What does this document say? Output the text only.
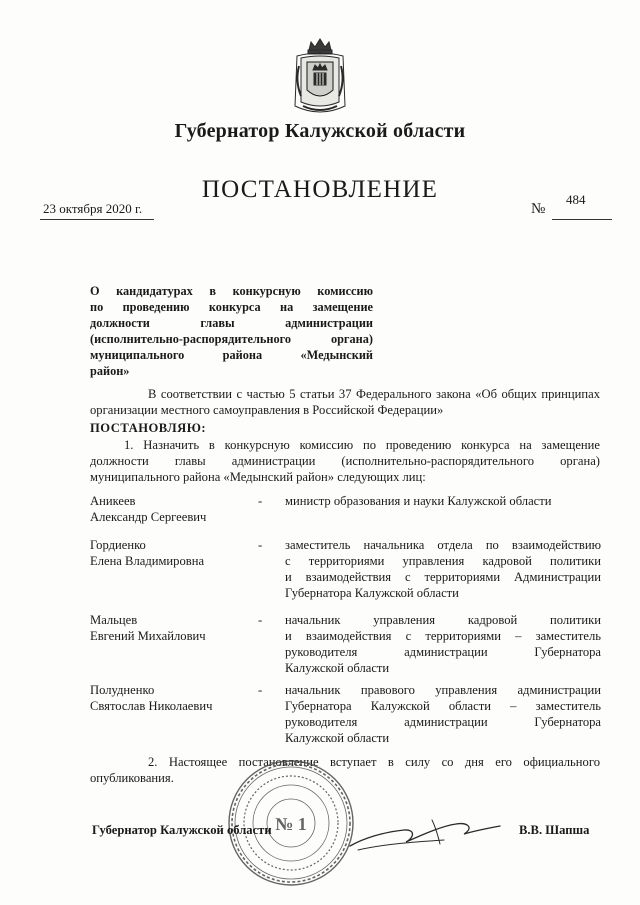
Губернатор Калужской области
ПОСТАНОВЛЕНИЕ
23 октября 2020 г.	№
484
О кандидатурах в конкурсную комиссию
по проведению конкурса на замещение
должности главы администрации
(исполнительно-распорядительного органа)
муниципального района «Медынский
район»
В соответствии с частью 5 статьи 37 Федерального закона «Об общих принципах организации местного самоуправления в Российской Федерации»
ПОСТАНОВЛЯЮ:
1. Назначить в конкурсную комиссию по проведению конкурса на замещение должности главы администрации (исполнительно-распорядительного органа) муниципального района «Медынский район» следующих лиц:
Аникеев
Александр Сергеевич
- министр образования и науки Калужской области
Гордиенко
Елена Владимировна
- заместитель начальника отдела по взаимодействию
с территориями управления кадровой политики
и взаимодействия с территориями Администрации
Губернатора Калужской области
Мальцев
Евгений Михайлович
- начальник управления кадровой политики
и взаимодействия с территориями – заместитель
руководителя администрации Губернатора
Калужской области
Полудненко
Святослав Николаевич
- начальник правового управления администрации
Губернатора Калужской области – заместитель
руководителя администрации Губернатора
Калужской области
2. Настоящее постановление вступает в силу со дня его официального опубликования.
№ 1
Губернатор Калужской области	В.В. Шапша
